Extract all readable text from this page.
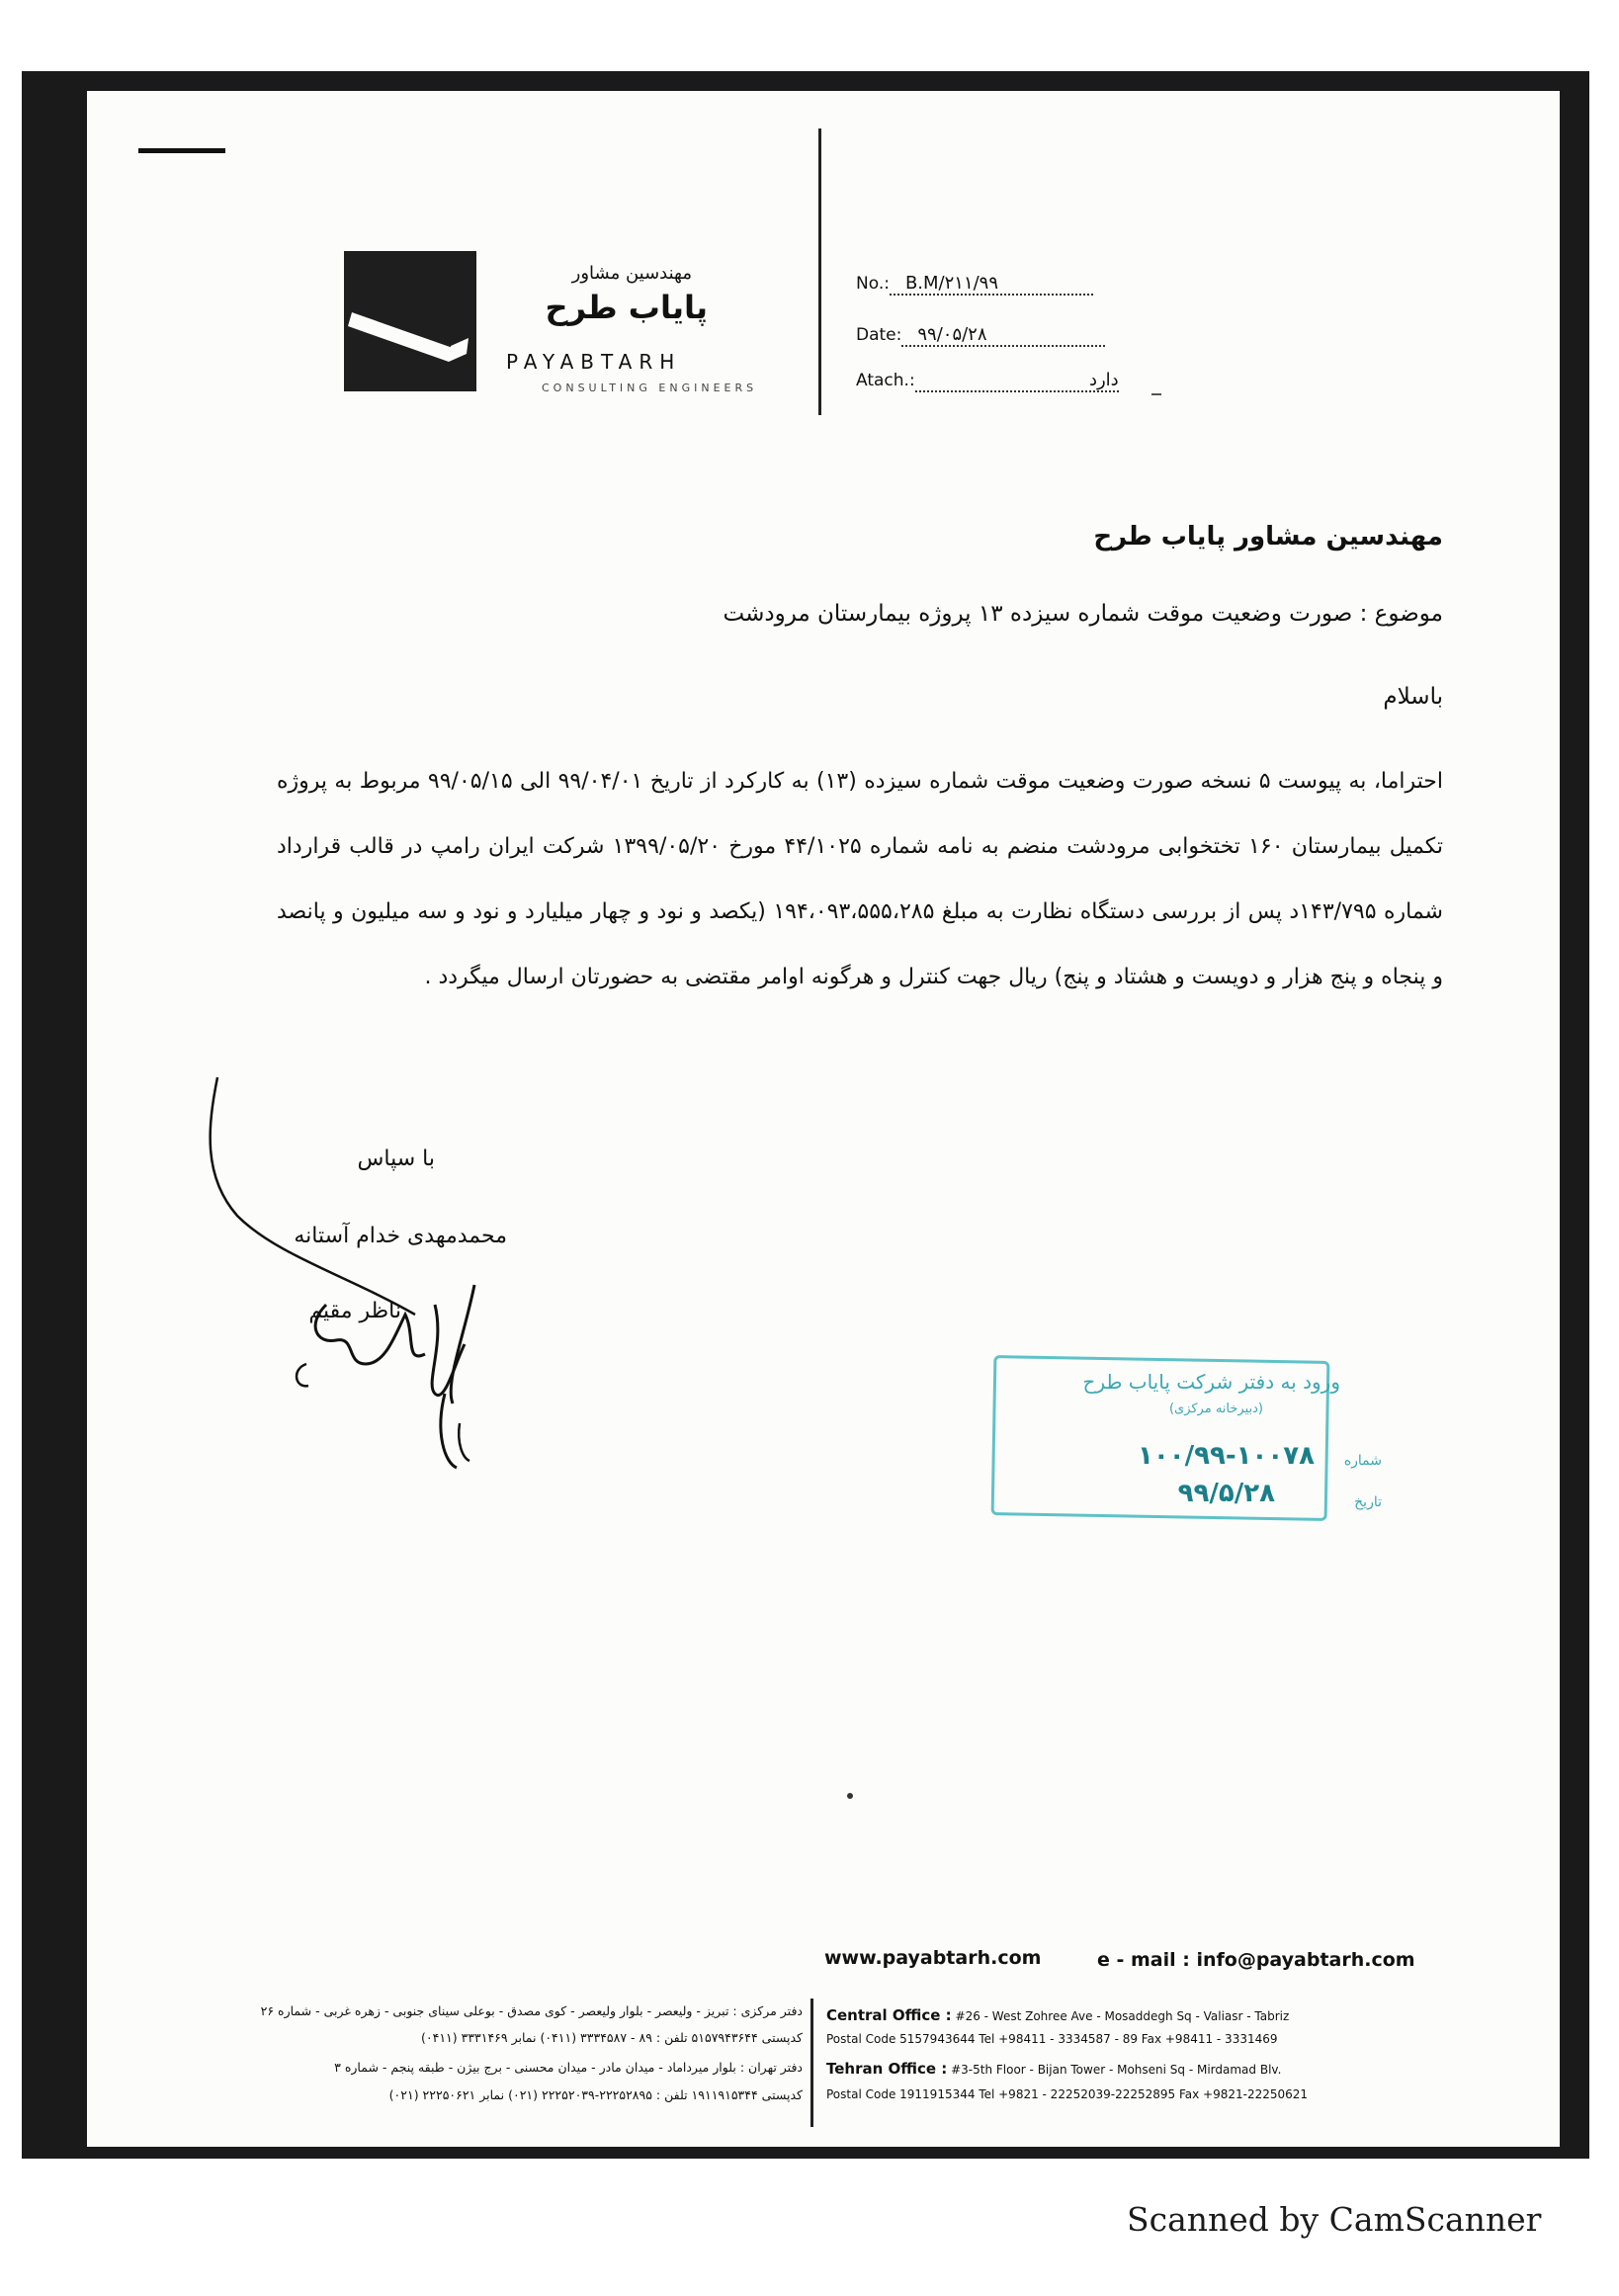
مهندسین مشاور
پایاب طرح
PAYABTARH
CONSULTING ENGINEERS
No.: B.M/۲۱۱/۹۹
Date: ۹۹/۰۵/۲۸
Atach.:	دارد
مهندسین مشاور پایاب طرح
موضوع : صورت وضعیت موقت شماره سیزده ۱۳ پروژه بیمارستان مرودشت
باسلام
احتراما، به پیوست ۵ نسخه صورت وضعیت موقت شماره سیزده (۱۳) به کارکرد از تاریخ ۹۹/۰۴/۰۱ الی ۹۹/۰۵/۱۵ مربوط به پروژه تکمیل بیمارستان ۱۶۰ تختخوابی مرودشت منضم به نامه شماره ۴۴/۱۰۲۵ مورخ ۱۳۹۹/۰۵/۲۰ شرکت ایران رامپ در قالب قرارداد شماره ۱۴۳/۷۹۵د پس از بررسی دستگاه نظارت به مبلغ ۱۹۴،۰۹۳،۵۵۵،۲۸۵ (یکصد و نود و چهار میلیارد و نود و سه میلیون و پانصد و پنجاه و پنج هزار و دویست و هشتاد و پنج) ریال جهت کنترل و هرگونه اوامر مقتضی به حضورتان ارسال میگردد .
با سپاس
محمدمهدی خدام آستانه
ناظر مقیم
ورود به دفتر شرکت پایاب طرح
(دبیرخانه مرکزی)
شماره
۱۰۰/۹۹-۱۰۰۷۸
تاریخ
۹۹/۵/۲۸
www.payabtarh.com	e - mail : info@payabtarh.com
دفتر مرکزی : تبریز - ولیعصر - بلوار ولیعصر - کوی مصدق - بوعلی سینای جنوبی - زهره غربی - شماره ۲۶
کدپستی ۵۱۵۷۹۴۳۶۴۴ تلفن : ۸۹ - ۳۳۳۴۵۸۷ (۰۴۱۱) نمابر ۳۳۳۱۴۶۹ (۰۴۱۱)
دفتر تهران : بلوار میرداماد - میدان مادر - میدان محسنی - برج بیژن - طبقه پنجم - شماره ۳
کدپستی ۱۹۱۱۹۱۵۳۴۴ تلفن : ۲۲۲۵۲۸۹۵-۲۲۲۵۲۰۳۹ (۰۲۱) نمابر ۲۲۲۵۰۶۲۱ (۰۲۱)
Central Office : #26 - West Zohree Ave - Mosaddegh Sq - Valiasr - Tabriz
Postal Code 5157943644 Tel +98411 - 3334587 - 89 Fax +98411 - 3331469
Tehran Office : #3-5th Floor - Bijan Tower - Mohseni Sq - Mirdamad Blv.
Postal Code 1911915344 Tel +9821 - 22252039-22252895 Fax +9821-22250621
Scanned by CamScanner
